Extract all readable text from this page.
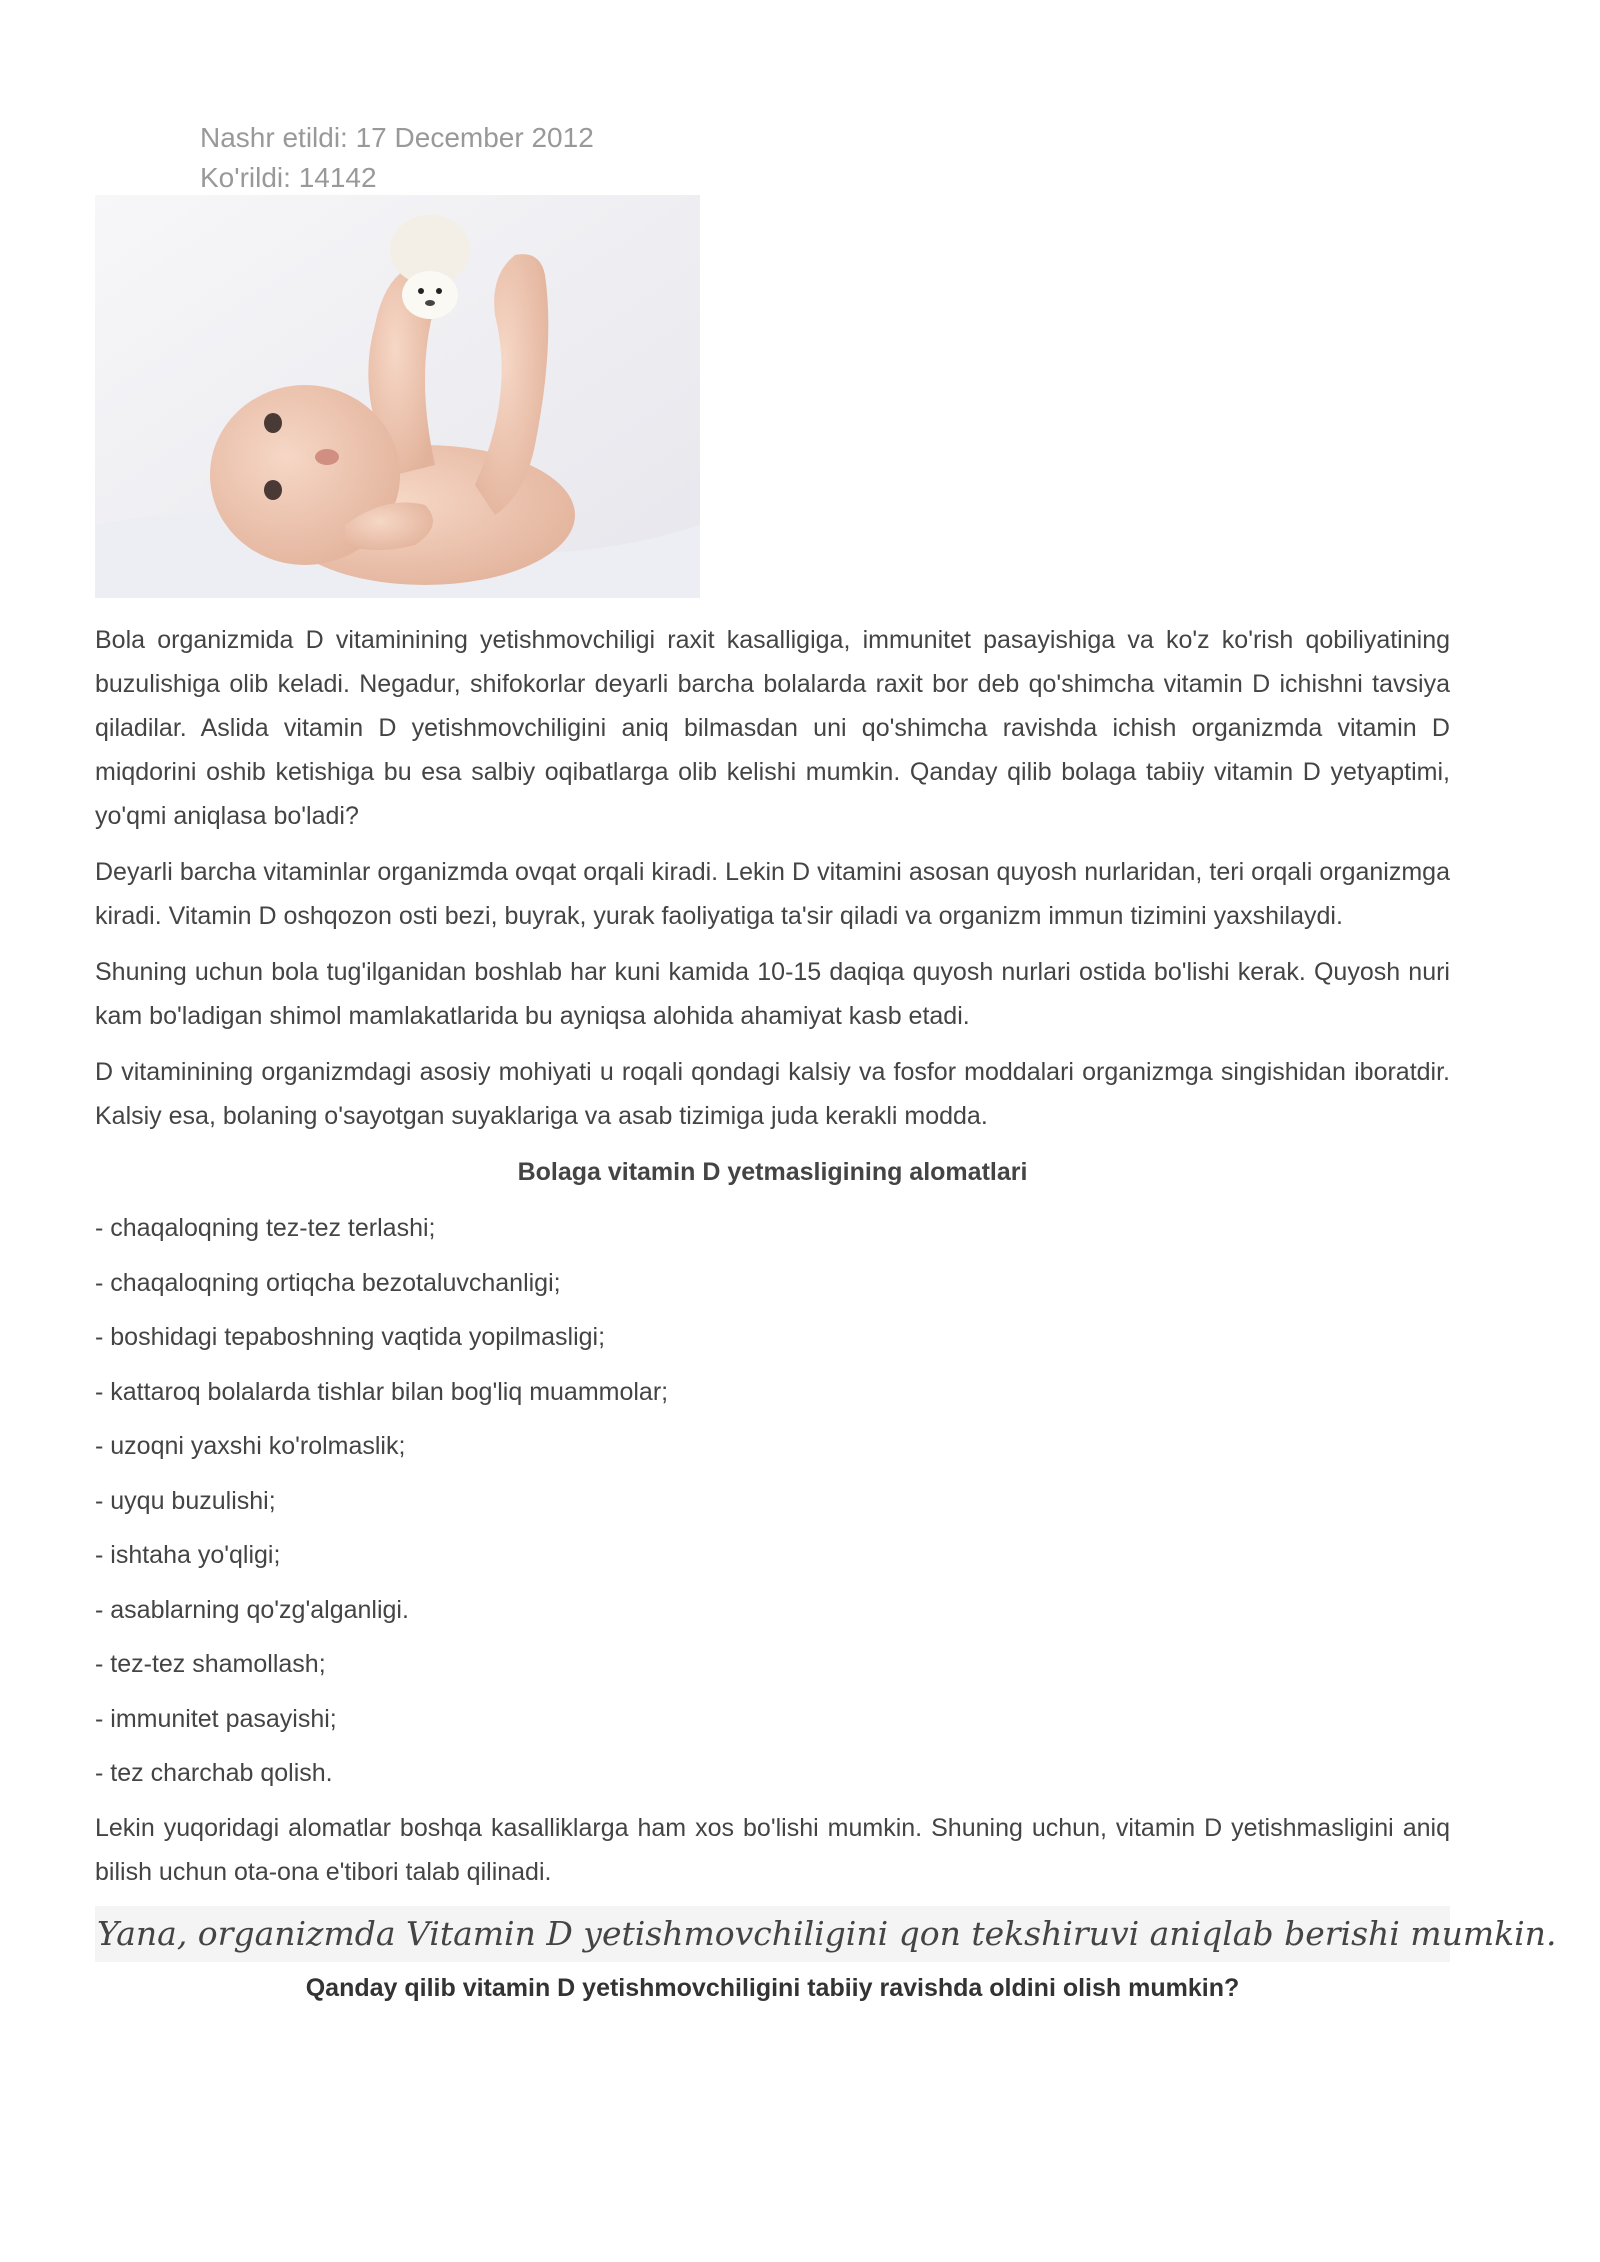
Nashr etildi: 17 December 2012
Ko'rildi: 14142

Bola organizmida D vitaminining yetishmovchiligi raxit kasalligiga, immunitet pasayishiga va ko'z ko'rish qobiliyatining buzulishiga olib keladi. Negadur, shifokorlar deyarli barcha bolalarda raxit bor deb qo'shimcha vitamin D ichishni tavsiya qiladilar. Aslida vitamin D yetishmovchiligini aniq bilmasdan uni qo'shimcha ravishda ichish organizmda vitamin D miqdorini oshib ketishiga bu esa salbiy oqibatlarga olib kelishi mumkin. Qanday qilib bolaga tabiiy vitamin D yetyaptimi, yo'qmi aniqlasa bo'ladi?

Deyarli barcha vitaminlar organizmda ovqat orqali kiradi. Lekin D vitamini asosan quyosh nurlaridan, teri orqali organizmga kiradi. Vitamin D oshqozon osti bezi, buyrak, yurak faoliyatiga ta'sir qiladi va organizm immun tizimini yaxshilaydi.

Shuning uchun bola tug'ilganidan boshlab har kuni kamida 10-15 daqiqa quyosh nurlari ostida bo'lishi kerak. Quyosh nuri kam bo'ladigan shimol mamlakatlarida bu ayniqsa alohida ahamiyat kasb etadi.

D vitaminining organizmdagi asosiy mohiyati u roqali qondagi kalsiy va fosfor moddalari organizmga singishidan iboratdir. Kalsiy esa, bolaning o'sayotgan suyaklariga va asab tizimiga juda kerakli modda.

Bolaga vitamin D yetmasligining alomatlari
- chaqaloqning tez-tez terlashi;
- chaqaloqning ortiqcha bezotaluvchanligi;
- boshidagi tepaboshning vaqtida yopilmasligi;
- kattaroq bolalarda tishlar bilan bog'liq muammolar;
- uzoqni yaxshi ko'rolmaslik;
- uyqu buzulishi;
- ishtaha yo'qligi;
- asablarning qo'zg'alganligi.
- tez-tez shamollash;
- immunitet pasayishi;
- tez charchab qolish.

Lekin yuqoridagi alomatlar boshqa kasalliklarga ham xos bo'lishi mumkin. Shuning uchun, vitamin D yetishmasligini aniq bilish uchun ota-ona e'tibori talab qilinadi.

Yana, organizmda Vitamin D yetishmovchiligini qon tekshiruvi aniqlab berishi mumkin.
Qanday qilib vitamin D yetishmovchiligini tabiiy ravishda oldini olish mumkin?
